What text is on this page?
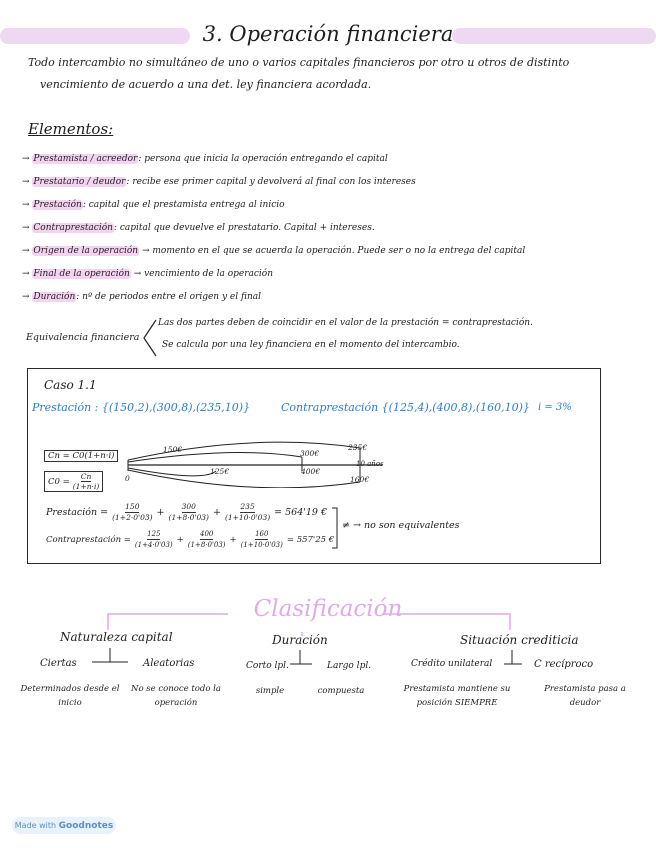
3. Operación financiera
Todo intercambio no simultáneo de uno o varios capitales financieros por otro u otros de distinto
vencimiento de acuerdo a una det. ley financiera acordada.
Elementos:
→ Prestamista / acreedor: persona que inicia la operación entregando el capital
→ Prestatario / deudor: recibe ese primer capital y devolverá al final con los intereses
→ Prestación: capital que el prestamista entrega al inicio
→ Contraprestación: capital que devuelve el prestatario. Capital + intereses.
→ Origen de la operación → momento en el que se acuerda la operación. Puede ser o no la entrega del capital
→ Final de la operación → vencimiento de la operación
→ Duración: nº de periodos entre el origen y el final
Equivalencia financiera
Las dos partes deben de coincidir en el valor de la prestación = contraprestación.
Se calcula por una ley financiera en el momento del intercambio.
Caso 1.1
Prestación : {(150,2),(300,8),(235,10)}	Contraprestación {(125,4),(400,8),(160,10)} i = 3%
Cn = C0(1+n·i)
$C0 = \frac{Cn}{(1+n\cdot i)}$
150€	300€
235€
125€	400€
160€
10 años
0
Prestación = $\frac{150}{(1+2\cdot 0'03)} + \frac{300}{(1+8\cdot 0'03)} + \frac{235}{(1+10\cdot 0'03)} = 564'19$ €
Contraprestación = $\frac{125}{(1+4\cdot 0'03)} + \frac{400}{(1+8\cdot 0'03)} + \frac{160}{(1+10\cdot 0'03)} = 557'25$ €
≠ → no son equivalentes
Clasificación
Naturaleza capital	Duración	Situación crediticia
Ciertas	Aleatorias	Corto lpl.	Largo lpl.	Crédito unilateral	C recíproco
Determinados desde el inicio
No se conoce todo la operación
simple	compuesta	Prestamista mantiene su posición SIEMPRE
Prestamista pasa a deudor
Made with Goodnotes
